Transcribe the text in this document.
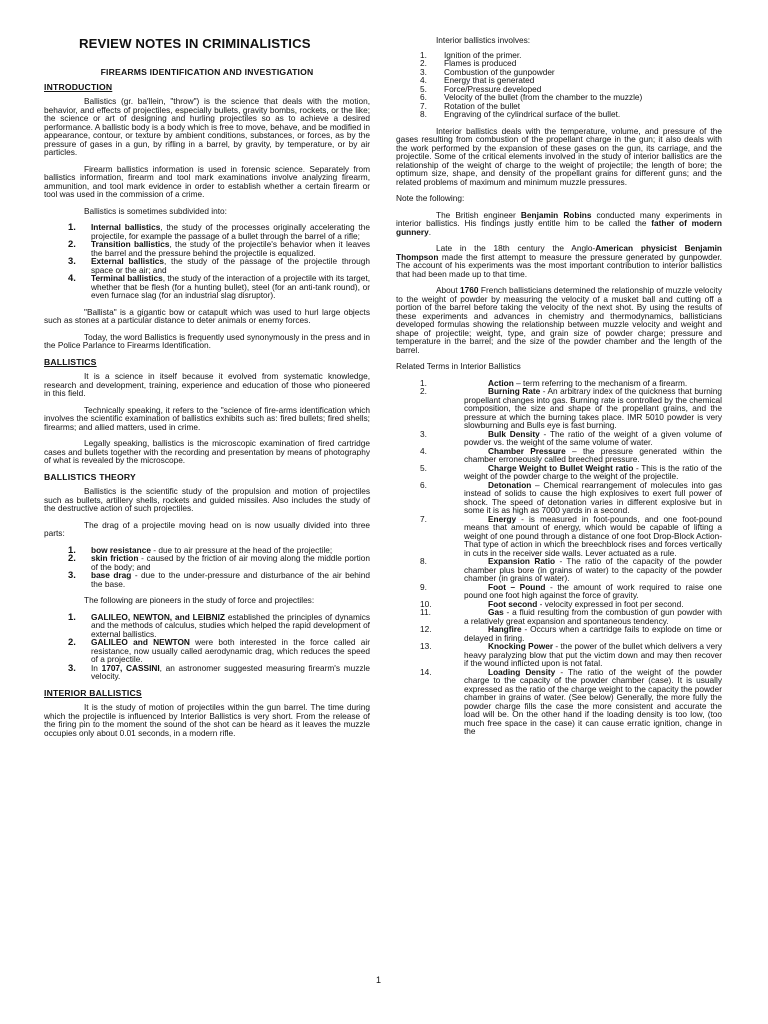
REVIEW NOTES IN CRIMINALISTICS
FIREARMS IDENTIFICATION AND INVESTIGATION
INTRODUCTION

Ballistics (gr. ba'llein, "throw") is the science that deals with the motion, behavior, and effects of projectiles, especially bullets, gravity bombs, rockets, or the like; the science or art of designing and hurling projectiles so as to achieve a desired performance. A ballistic body is a body which is free to move, behave, and be modified in appearance, contour, or texture by ambient conditions, substances, or forces, as by the pressure of gases in a gun, by rifling in a barrel, by gravity, by temperature, or by air particles.

Firearm ballistics information is used in forensic science. Separately from ballistics information, firearm and tool mark examinations involve analyzing firearm, ammunition, and tool mark evidence in order to establish whether a certain firearm or tool was used in the commission of a crime.

Ballistics is sometimes subdivided into:

1. Internal ballistics, the study of the processes originally accelerating the projectile, for example the passage of a bullet through the barrel of a rifle;
2. Transition ballistics, the study of the projectile's behavior when it leaves the barrel and the pressure behind the projectile is equalized.
3. External ballistics, the study of the passage of the projectile through space or the air; and
4. Terminal ballistics, the study of the interaction of a projectile with its target, whether that be flesh (for a hunting bullet), steel (for an anti-tank round), or even furnace slag (for an industrial slag disruptor).

"Ballista" is a gigantic bow or catapult which was used to hurl large objects such as stones at a particular distance to deter animals or enemy forces.

Today, the word Ballistics is frequently used synonymously in the press and in the Police Parlance to Firearms Identification.

BALLISTICS

It is a science in itself because it evolved from systematic knowledge, research and development, training, experience and education of those who pioneered in this field.

Technically speaking, it refers to the "science of fire-arms identification which involves the scientific examination of ballistics exhibits such as: fired bullets; fired shells; firearms; and allied matters, used in crime.

Legally speaking, ballistics is the microscopic examination of fired cartridge cases and bullets together with the recording and presentation by means of photography of what is revealed by the microscope.

BALLISTICS THEORY

Ballistics is the scientific study of the propulsion and motion of projectiles such as bullets, artillery shells, rockets and guided missiles. Also includes the study of the destructive action of such projectiles.

The drag of a projectile moving head on is now usually divided into three parts:

1. bow resistance - due to air pressure at the head of the projectile;
2. skin friction - caused by the friction of air moving along the middle portion of the body; and
3. base drag - due to the under-pressure and disturbance of the air behind the base.

The following are pioneers in the study of force and projectiles:

1. GALILEO, NEWTON, and LEIBNIZ established the principles of dynamics and the methods of calculus, studies which helped the rapid development of external ballistics.
2. GALILEO and NEWTON were both interested in the force called air resistance, now usually called aerodynamic drag, which reduces the speed of a projectile.
3. In 1707, CASSINI, an astronomer suggested measuring firearm's muzzle velocity.
INTERIOR BALLISTICS

It is the study of motion of projectiles within the gun barrel. The time during which the projectile is influenced by Interior Ballistics is very short. From the release of the firing pin to the moment the sound of the shot can be heard as it leaves the muzzle occupies only about 0.01 seconds, in a modern rifle.

Interior ballistics involves:

1. Ignition of the primer.
2. Flames is produced
3. Combustion of the gunpowder
4. Energy that is generated
5. Force/Pressure developed
6. Velocity of the bullet (from the chamber to the muzzle)
7. Rotation of the bullet
8. Engraving of the cylindrical surface of the bullet.

Interior ballistics deals with the temperature, volume, and pressure of the gases resulting from combustion of the propellant charge in the gun; it also deals with the work performed by the expansion of these gases on the gun, its carriage, and the projectile. Some of the critical elements involved in the study of interior ballistics are the relationship of the weight of charge to the weight of projectile; the length of bore; the optimum size, shape, and density of the propellant grains for different guns; and the related problems of maximum and minimum muzzle pressures.

Note the following:

The British engineer Benjamin Robins conducted many experiments in interior ballistics. His findings justly entitle him to be called the father of modern gunnery.

Late in the 18th century the Anglo-American physicist Benjamin Thompson made the first attempt to measure the pressure generated by gunpowder. The account of his experiments was the most important contribution to interior ballistics that had been made up to that time.

About 1760 French ballisticians determined the relationship of muzzle velocity to the weight of powder by measuring the velocity of a musket ball and cutting off a portion of the barrel before taking the velocity of the next shot. By using the results of these experiments and advances in chemistry and thermodynamics, ballisticians developed formulas showing the relationship between muzzle velocity and weight and shape of projectile; weight, type, and grain size of powder charge; pressure and temperature in the barrel; and the size of the powder chamber and the length of the barrel.

Related Terms in Interior Ballistics

1.	Action – term referring to the mechanism of a firearm.
2.	Burning Rate - An arbitrary index of the quickness that burning propellant changes into gas. Burning rate is controlled by the chemical composition, the size and shape of the propellant grains, and the pressure at which the burning takes place. IMR 5010 powder is very slowburning and Bulls eye is fast burning.
3.	Bulk Density - The ratio of the weight of a given volume of powder vs. the weight of the same volume of water.
4.	Chamber Pressure – the pressure generated within the chamber erroneously called breeched pressure.
5.	Charge Weight to Bullet Weight ratio - This is the ratio of the weight of the powder charge to the weight of the projectile.
6.	Detonation – Chemical rearrangement of molecules into gas instead of solids to cause the high explosives to exert full power of shock. The speed of detonation varies in different explosive but in some it is as high as 7000 yards in a second.
7.	Energy - is measured in foot-pounds, and one foot-pound means that amount of energy, which would be capable of lifting a weight of one pound through a distance of one foot Drop-Block Action- That type of action in which the breechblock rises and forces vertically in cuts in the receiver side walls. Lever actuated as a rule.
8.	Expansion Ratio - The ratio of the capacity of the powder chamber plus bore (in grains of water) to the capacity of the powder chamber (in grains of water).
9.	Foot – Pound - the amount of work required to raise one pound one foot high against the force of gravity.
10.	Foot second - velocity expressed in foot per second.
11.	Gas - a fluid resulting from the combustion of gun powder with a relatively great expansion and spontaneous tendency.
12.	Hangfire - Occurs when a cartridge fails to explode on time or delayed in firing.
13.	Knocking Power - the power of the bullet which delivers a very heavy paralyzing blow that put the victim down and may then recover if the wound inflicted upon is not fatal.
14.	Loading Density - The ratio of the weight of the powder charge to the capacity of the powder chamber (case). It is usually expressed as the ratio of the charge weight to the capacity the powder chamber in grains of water. (See below) Generally, the more fully the powder charge fills the case the more consistent and accurate the load will be. On the other hand if the loading density is too low, (too much free space in the case) it can cause erratic ignition, change in the
1
